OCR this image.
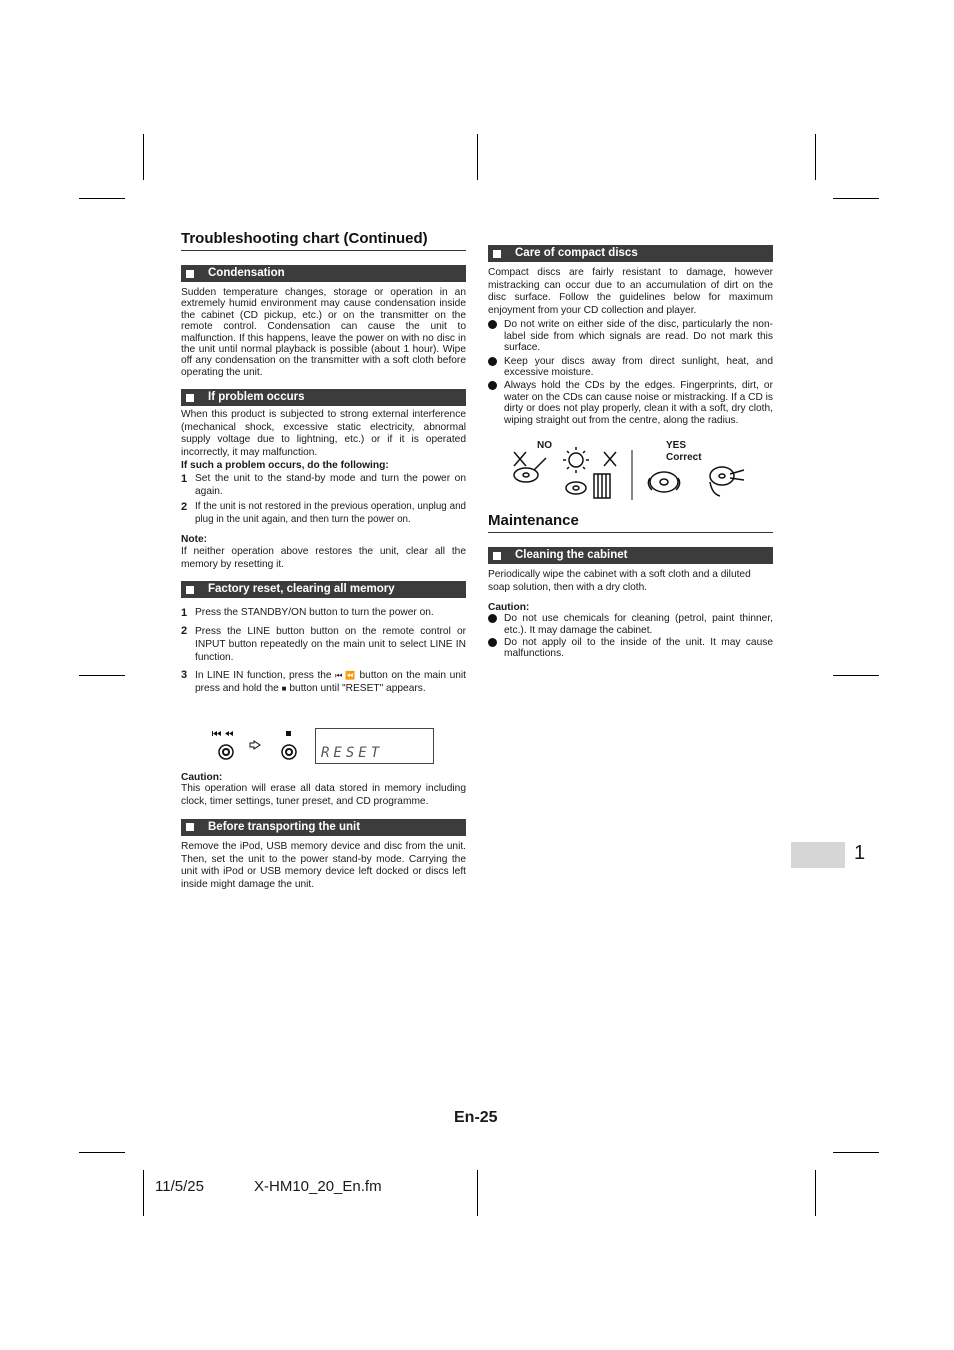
Troubleshooting chart (Continued)
Condensation

Sudden temperature changes, storage or operation in an extremely humid environment may cause condensation inside the cabinet (CD pickup, etc.) or on the transmitter on the remote control. Condensation can cause the unit to malfunction. If this happens, leave the power on with no disc in the unit until normal playback is possible (about 1 hour). Wipe off any condensation on the transmitter with a soft cloth before operating the unit.

If problem occurs

When this product is subjected to strong external interference (mechanical shock, excessive static electricity, abnormal supply voltage due to lightning, etc.) or if it is operated incorrectly, it may malfunction.

If such a problem occurs, do the following:

1 Set the unit to the stand-by mode and turn the power on again.
2 If the unit is not restored in the previous operation, unplug and plug in the unit again, and then turn the power on.

Note:

If neither operation above restores the unit, clear all the memory by resetting it.

Factory reset, clearing all memory
1 Press the STANDBY/ON button to turn the power on.
2 Press the LINE button button on the remote control or INPUT button repeatedly on the main unit to select LINE IN function.
3 In LINE IN function, press the ⏮ ⏪ button on the main unit press and hold the ■ button until "RESET" appears.
RESET

Caution:

This operation will erase all data stored in memory including clock, timer settings, tuner preset, and CD programme.

Before transporting the unit

Remove the iPod, USB memory device and disc from the unit. Then, set the unit to the power stand-by mode. Carrying the unit with iPod or USB memory device left docked or discs left inside might damage the unit.

Care of compact discs

Compact discs are fairly resistant to damage, however mistracking can occur due to an accumulation of dirt on the disc surface. Follow the guidelines below for maximum enjoyment from your CD collection and player.

Do not write on either side of the disc, particularly the non-label side from which signals are read. Do not mark this surface.
Keep your discs away from direct sunlight, heat, and excessive moisture.
Always hold the CDs by the edges. Fingerprints, dirt, or water on the CDs can cause noise or mistracking. If a CD is dirty or does not play properly, clean it with a soft, dry cloth, wiping straight out from the centre, along the radius.
NO	YES
Correct
Maintenance
Cleaning the cabinet

Periodically wipe the cabinet with a soft cloth and a diluted soap solution, then with a dry cloth.

Caution:

Do not use chemicals for cleaning (petrol, paint thinner, etc.). It may damage the cabinet.
Do not apply oil to the inside of the unit. It may cause malfunctions.
1
En-25
11/5/25	X-HM10_20_En.fm
